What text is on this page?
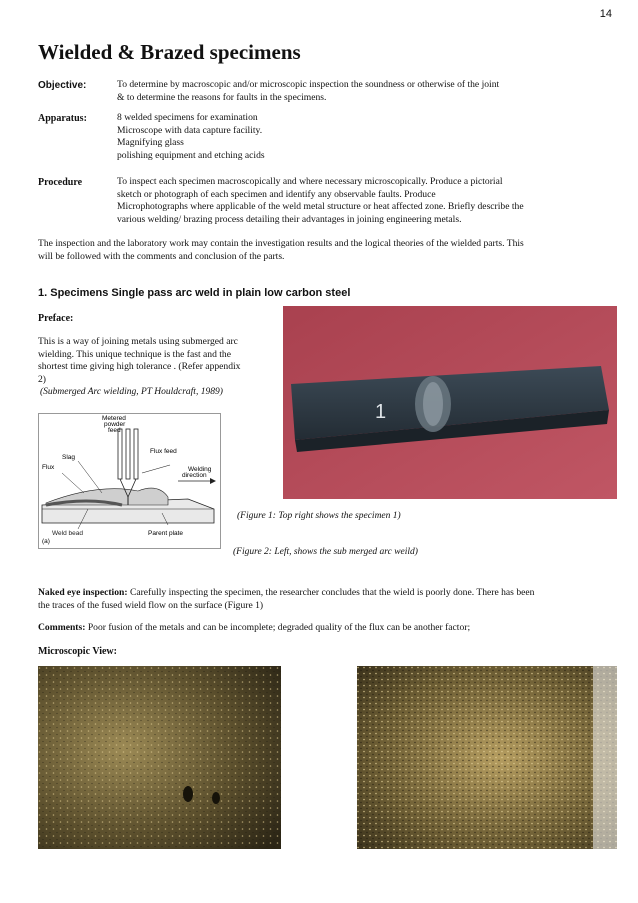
14
Wielded & Brazed specimens
Objective:	To determine by macroscopic and/or microscopic inspection the soundness or otherwise of the joint
& to determine the reasons for faults in the specimens.
Apparatus:	8 welded specimens for examination
Microscope with data capture facility.
Magnifying glass
polishing equipment and etching acids
Procedure	To inspect each specimen macroscopically and where necessary microscopically. Produce a pictorial
sketch or photograph of each specimen and identify any observable faults. Produce
Microphotographs where applicable of the weld metal structure or heat affected zone. Briefly describe the
various welding/ brazing process detailing their advantages in joining engineering metals.
The inspection and the laboratory work may contain the investigation results and the logical theories of the wielded parts. This
will be followed with the comments and conclusion of the parts.
1. Specimens Single pass arc weld in plain low carbon steel
Preface:
This is a way of joining metals using submerged arc
wielding. This unique technique is the fast and the
shortest time giving high tolerance . (Refer appendix
2)
(Submerged Arc wielding, PT Houldcraft, 1989)
1
Metered
powder
feed
Flux feed
Flux
Slag
Welding
direction
Weld bead	Parent plate
(a)
(Figure 1: Top right shows the specimen 1)
(Figure 2: Left, shows the sub merged arc weild)
Naked eye inspection: Carefully inspecting the specimen, the researcher concludes that the wield is poorly done. There has been
the traces of the fused wield flow on the surface (Figure 1)
Comments: Poor fusion of the metals and can be incomplete; degraded quality of the flux can be another factor;
Microscopic View:
